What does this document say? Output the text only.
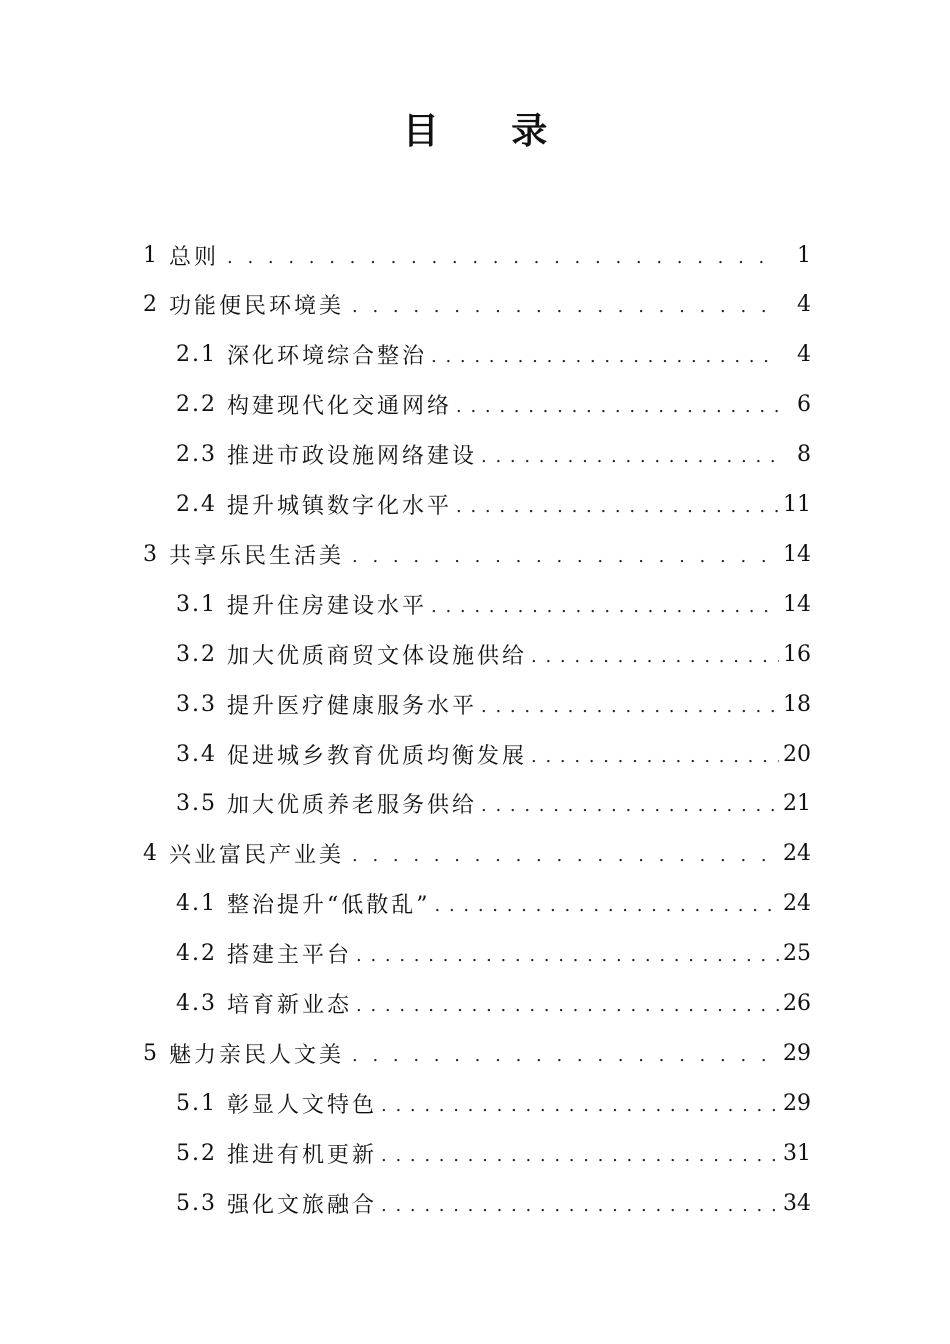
目 录
1 总则 . . .	1
2 功能便民环境美 . . .	4
2.1 深化环境综合整治 . . .	4
2.2 构建现代化交通网络 . . .	6
2.3 推进市政设施网络建设 . . .	8
2.4 提升城镇数字化水平 . . .	11
3 共享乐民生活美 . . .	14
3.1 提升住房建设水平 . . .	14
3.2 加大优质商贸文体设施供给 . . .	16
3.3 提升医疗健康服务水平 . . .	18
3.4 促进城乡教育优质均衡发展 . . .	20
3.5 加大优质养老服务供给 . . .	21
4 兴业富民产业美 . . .	24
4.1 整治提升“低散乱” . . .	24
4.2 搭建主平台 . . .	25
4.3 培育新业态 . . .	26
5 魅力亲民人文美 . . .	29
5.1 彰显人文特色 . . .	29
5.2 推进有机更新 . . .	31
5.3 强化文旅融合 . . .	34
